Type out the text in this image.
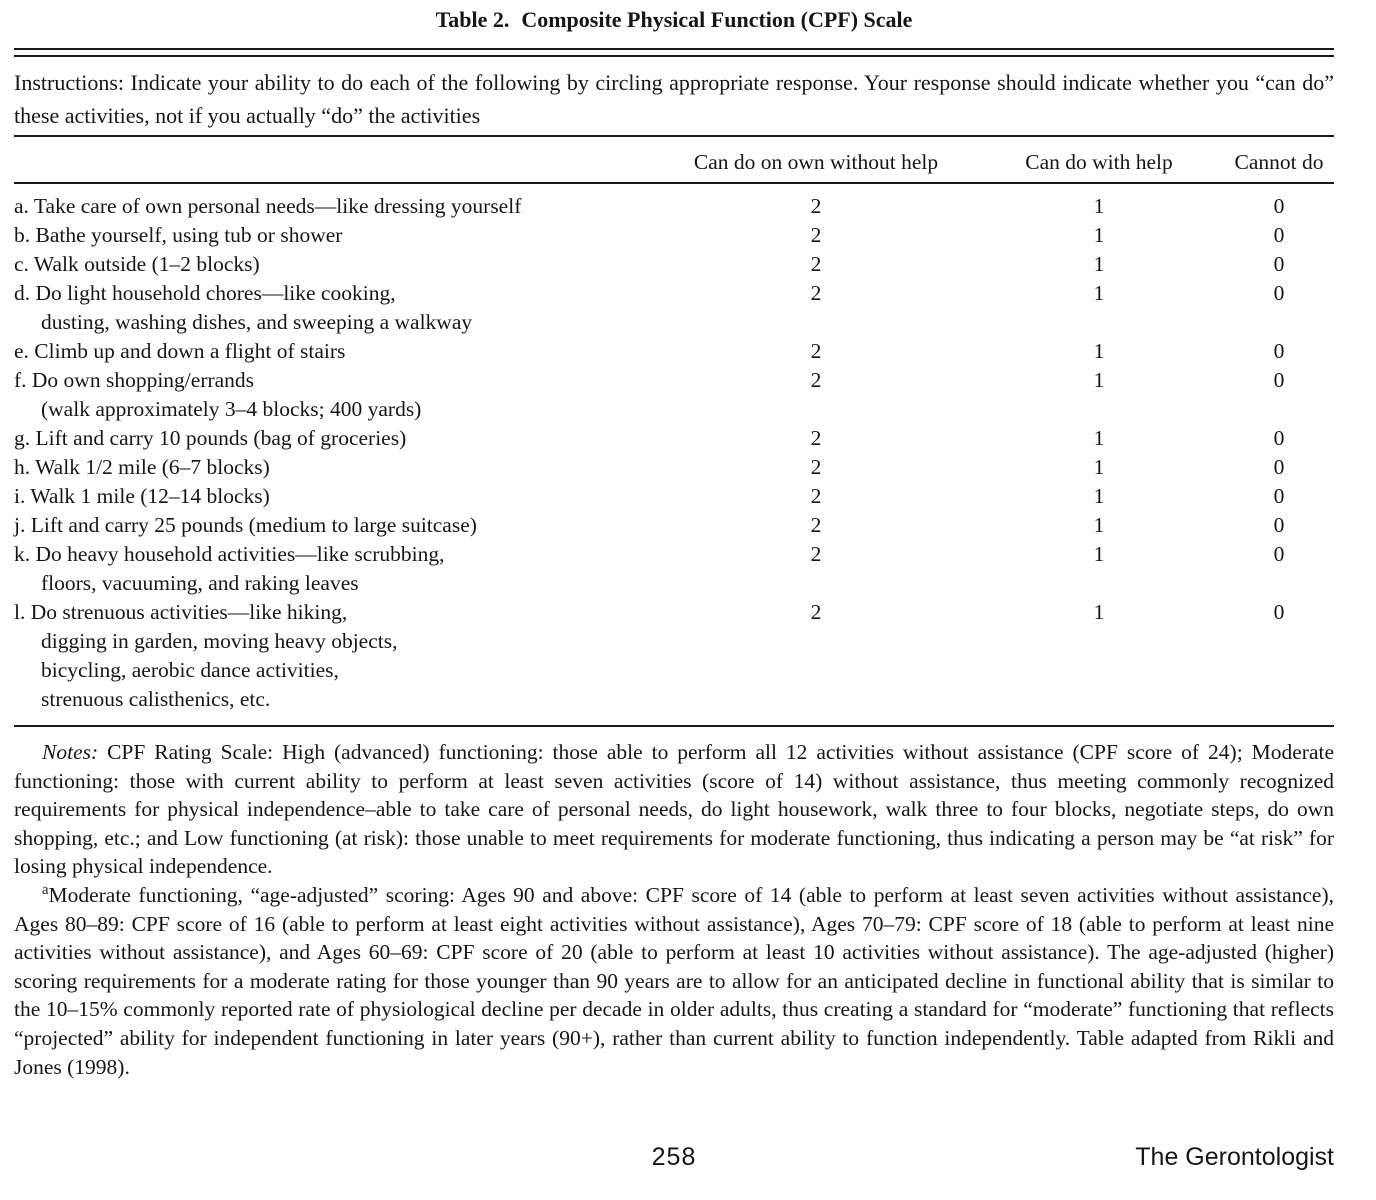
Table 2. Composite Physical Function (CPF) Scale

Instructions: Indicate your ability to do each of the following by circling appropriate response. Your response should indicate whether you “can do” these activities, not if you actually “do” the activities

	Can do on own without help	Can do with help	Cannot do

a. Take care of own personal needs—like dressing yourself	2	1	0

b. Bathe yourself, using tub or shower	2	1	0

c. Walk outside (1–2 blocks)	2	1	0

d. Do light household chores—like cooking,
dusting, washing dishes, and sweeping a walkway	2	1	0

e. Climb up and down a flight of stairs	2	1	0

f. Do own shopping/errands
(walk approximately 3–4 blocks; 400 yards)	2	1	0

g. Lift and carry 10 pounds (bag of groceries)	2	1	0

h. Walk 1/2 mile (6–7 blocks)	2	1	0

i. Walk 1 mile (12–14 blocks)	2	1	0

j. Lift and carry 25 pounds (medium to large suitcase)	2	1	0

k. Do heavy household activities—like scrubbing,
floors, vacuuming, and raking leaves	2	1	0

l. Do strenuous activities—like hiking,
digging in garden, moving heavy objects,
bicycling, aerobic dance activities,
strenuous calisthenics, etc.	2	1	0

Notes: CPF Rating Scale: High (advanced) functioning: those able to perform all 12 activities without assistance (CPF score of 24); Moderate functioning: those with current ability to perform at least seven activities (score of 14) without assistance, thus meeting commonly recognized requirements for physical independence–able to take care of personal needs, do light housework, walk three to four blocks, negotiate steps, do own shopping, etc.; and Low functioning (at risk): those unable to meet requirements for moderate functioning, thus indicating a person may be “at risk” for losing physical independence.

$^a$Moderate functioning, “age-adjusted” scoring: Ages 90 and above: CPF score of 14 (able to perform at least seven activities without assistance), Ages 80–89: CPF score of 16 (able to perform at least eight activities without assistance), Ages 70–79: CPF score of 18 (able to perform at least nine activities without assistance), and Ages 60–69: CPF score of 20 (able to perform at least 10 activities without assistance). The age-adjusted (higher) scoring requirements for a moderate rating for those younger than 90 years are to allow for an anticipated decline in functional ability that is similar to the 10–15% commonly reported rate of physiological decline per decade in older adults, thus creating a standard for “moderate” functioning that reflects “projected” ability for independent functioning in later years (90+), rather than current ability to function independently. Table adapted from Rikli and Jones (1998).

258	The Gerontologist
